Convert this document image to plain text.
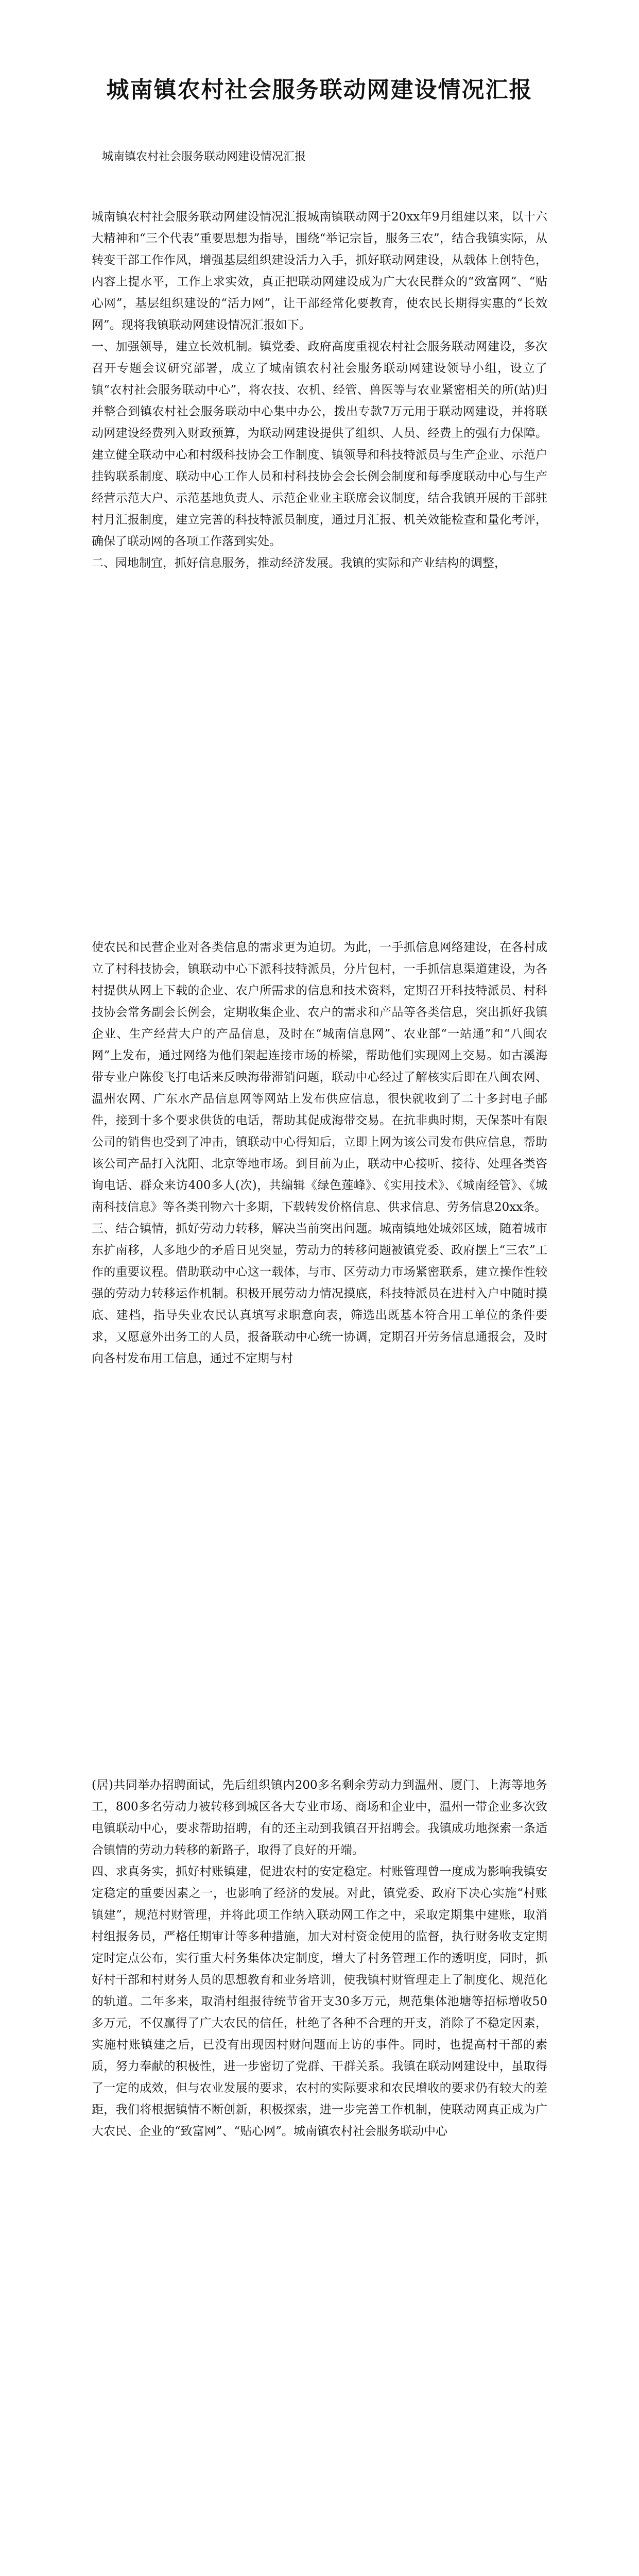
城南镇农村社会服务联动网建设情况汇报

城南镇农村社会服务联动网建设情况汇报

城南镇农村社会服务联动网建设情况汇报城南镇联动网于20xx年9月组建以来，以十六大精神和“三个代表”重要思想为指导，围绕“举记宗旨，服务三农”，结合我镇实际，从转变干部工作作风，增强基层组织建设活力入手，抓好联动网建设，从载体上创特色，内容上提水平，工作上求实效，真正把联动网建设成为广大农民群众的“致富网”、“贴心网”，基层组织建设的“活力网”，让干部经常化要教育，使农民长期得实惠的“长效网”。现将我镇联动网建设情况汇报如下。

一、加强领导，建立长效机制。镇党委、政府高度重视农村社会服务联动网建设，多次召开专题会议研究部署，成立了城南镇农村社会服务联动网建设领导小组，设立了镇“农村社会服务联动中心”，将农技、农机、经管、兽医等与农业紧密相关的所(站)归并整合到镇农村社会服务联动中心集中办公，拨出专款7万元用于联动网建设，并将联动网建设经费列入财政预算，为联动网建设提供了组织、人员、经费上的强有力保障。建立健全联动中心和村级科技协会工作制度、镇领导和科技特派员与生产企业、示范户挂钩联系制度、联动中心工作人员和村科技协会会长例会制度和每季度联动中心与生产经营示范大户、示范基地负责人、示范企业业主联席会议制度，结合我镇开展的干部驻村月汇报制度，建立完善的科技特派员制度，通过月汇报、机关效能检查和量化考评，确保了联动网的各项工作落到实处。

二、园地制宜，抓好信息服务，推动经济发展。我镇的实际和产业结构的调整，

使农民和民营企业对各类信息的需求更为迫切。为此，一手抓信息网络建设，在各村成立了村科技协会，镇联动中心下派科技特派员，分片包村，一手抓信息渠道建设，为各村提供从网上下载的企业、农户所需求的信息和技术资料，定期召开科技特派员、村科技协会常务副会长例会，定期收集企业、农户的需求和产品等各类信息，突出抓好我镇企业、生产经营大户的产品信息，及时在“城南信息网”、农业部“一站通”和“八闽农网”上发布，通过网络为他们架起连接市场的桥梁，帮助他们实现网上交易。如古溪海带专业户陈俊飞打电话来反映海带滞销问题，联动中心经过了解核实后即在八闽农网、温州农网、广东水产品信息网等网站上发布供应信息，很快就收到了二十多封电子邮件，接到十多个要求供货的电话，帮助其促成海带交易。在抗非典时期，天保茶叶有限公司的销售也受到了冲击，镇联动中心得知后，立即上网为该公司发布供应信息，帮助该公司产品打入沈阳、北京等地市场。到目前为止，联动中心接听、接待、处理各类咨询电话、群众来访400多人(次)，共编辑《绿色莲峰》、《实用技术》、《城南经管》、《城南科技信息》等各类刊物六十多期，下载转发价格信息、供求信息、劳务信息20xx条。

三、结合镇情，抓好劳动力转移，解决当前突出问题。城南镇地处城郊区域，随着城市东扩南移，人多地少的矛盾日见突显，劳动力的转移问题被镇党委、政府摆上“三农”工作的重要议程。借助联动中心这一载体，与市、区劳动力市场紧密联系，建立操作性较强的劳动力转移运作机制。积极开展劳动力情况摸底，科技特派员在进村入户中随时摸底、建档，指导失业农民认真填写求职意向表，筛选出既基本符合用工单位的条件要求，又愿意外出务工的人员，报备联动中心统一协调，定期召开劳务信息通报会，及时向各村发布用工信息，通过不定期与村

(居)共同举办招聘面试，先后组织镇内200多名剩余劳动力到温州、厦门、上海等地务工，800多名劳动力被转移到城区各大专业市场、商场和企业中，温州一带企业多次致电镇联动中心，要求帮助招聘，有的还主动到我镇召开招聘会。我镇成功地探索一条适合镇情的劳动力转移的新路子，取得了良好的开端。

四、求真务实，抓好村账镇建，促进农村的安定稳定。村账管理曾一度成为影响我镇安定稳定的重要因素之一，也影响了经济的发展。对此，镇党委、政府下决心实施“村账镇建”，规范村财管理，并将此项工作纳入联动网工作之中，采取定期集中建账，取消村组报务员，严格任期审计等多种措施，加大对村资金使用的监督，执行财务收支定期定时定点公布，实行重大村务集体决定制度，增大了村务管理工作的透明度，同时，抓好村干部和村财务人员的思想教育和业务培训，使我镇村财管理走上了制度化、规范化的轨道。二年多来，取消村组报待统节省开支30多万元，规范集体池塘等招标增收50多万元，不仅赢得了广大农民的信任，杜绝了各种不合理的开支，消除了不稳定因素，实施村账镇建之后，已没有出现因村财问题而上访的事件。同时，也提高村干部的素质，努力奉献的积极性，进一步密切了党群、干群关系。我镇在联动网建设中，虽取得了一定的成效，但与农业发展的要求，农村的实际要求和农民增收的要求仍有较大的差距，我们将根据镇情不断创新，积极探索，进一步完善工作机制，使联动网真正成为广大农民、企业的“致富网”、“贴心网”。城南镇农村社会服务联动中心
